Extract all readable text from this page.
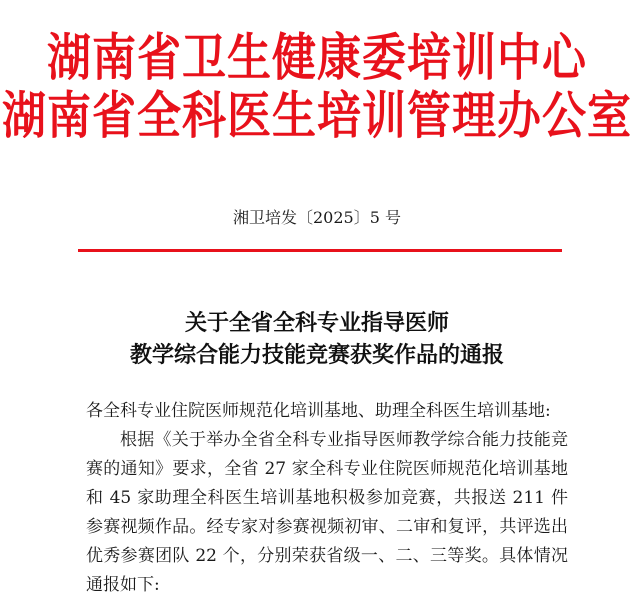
湖南省卫生健康委培训中心
湖南省全科医生培训管理办公室
湘卫培发〔2025〕5 号
关于全省全科专业指导医师
教学综合能力技能竞赛获奖作品的通报
各全科专业住院医师规范化培训基地、助理全科医生培训基地:
根据《关于举办全省全科专业指导医师教学综合能力技能竞赛的通知》要求，全省 27 家全科专业住院医师规范化培训基地和 45 家助理全科医生培训基地积极参加竞赛，共报送 211 件参赛视频作品。经专家对参赛视频初审、二审和复评，共评选出优秀参赛团队 22 个，分别荣获省级一、二、三等奖。具体情况通报如下:
